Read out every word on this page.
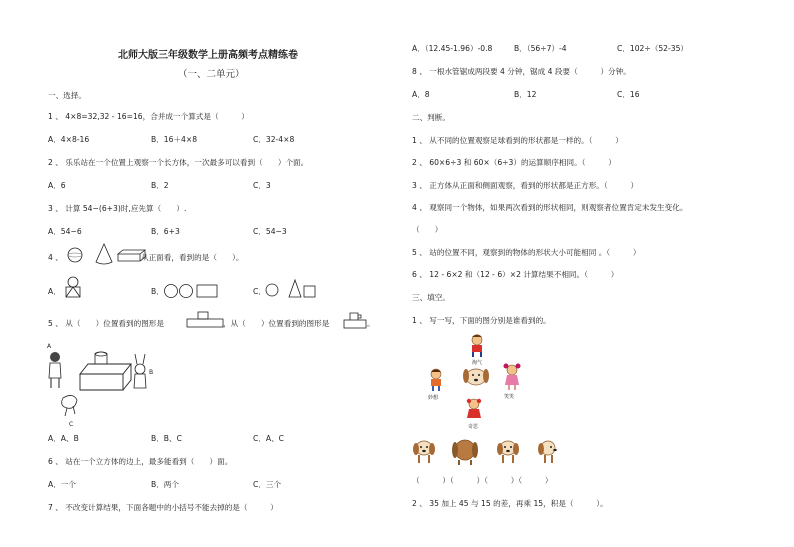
北师大版三年级数学上册高频考点精练卷
（一、二单元）
一、选择。
1 、 4×8=32,32 - 16=16，合并成一个算式是（　　　）
A．4×8-16	B．16＋4×8	C．32-4×8
2 、 乐乐站在一个位置上观察一个长方体，一次最多可以看到（　　）个面。
A．6	B．2	C．3
3 、 计算 54−(6+3)时,应先算（　　）.
A．54−6	B．6+3	C．54−3
4 、	从正面看，看到的是（　　）。
A．	B．	C．
5 、 从（　　）位置看到的图形是	，从（　　）位置看到的图形是	。
A
B
C
A．A、B	B．B、C	C．A、C
6 、 站在一个立方体的边上，最多能看到（　　）面。
A．一个	B．两个	C．三个
7 、 不改变计算结果，下面各题中的小括号不能去掉的是（　　　）
A．（12.45-1.96）-0.8	B．（56÷7）-4	C．102÷（52-35）
8 、 一根水管锯成两段要 4 分钟，锯成 4 段要（　　　）分钟。
A．8	B．12	C．16
二、判断。
1 、 从不同的位置观察足球看到的形状都是一样的。（　　　）
2 、 60×6÷3 和 60×（6÷3）的运算顺序相同。（　　　）
3 、 正方体从正面和侧面观察，看到的形状都是正方形。（　　　）
4 、 观察同一个物体，如果两次看到的形状相同，则观察者位置肯定未发生变化。
（　　）
5 、 站的位置不同，观察到的物体的形状大小可能相同 。（　　　）
6 、 12 - 6×2 和（12 - 6）×2 计算结果不相同。（　　　）
三、填空。
1 、 写一写，下面的图分别是谁看到的。
淘气
妙想	笑笑
奇思
（　　　）（　　　）（　　　）（　　　）
2 、 35 加上 45 与 15 的差，再乘 15，积是（　　　）。
